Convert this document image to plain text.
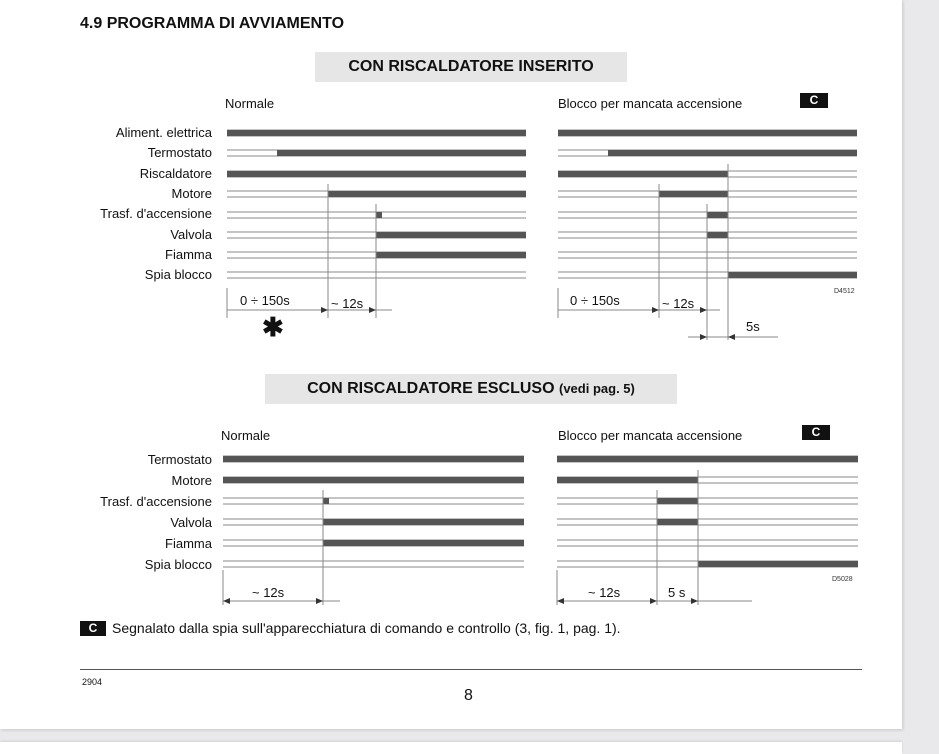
4.9 PROGRAMMA DI AVVIAMENTO
CON RISCALDATORE INSERITO
Normale	Blocco per mancata accensione	C
Aliment. elettrica
Termostato
Riscaldatore
Motore
Trasf. d'accensione
Valvola
Fiamma
Spia blocco
0 ÷ 150s	~ 12s
✱
0 ÷ 150s	~ 12s
5s
D4512
CON RISCALDATORE ESCLUSO (vedi pag. 5)
Normale	Blocco per mancata accensione	C
Termostato
Motore
Trasf. d'accensione
Valvola
Fiamma
Spia blocco
~ 12s	~ 12s	5 s
D5028
C	Segnalato dalla spia sull'apparecchiatura di comando e controllo (3, fig. 1, pag. 1).
2904
8
